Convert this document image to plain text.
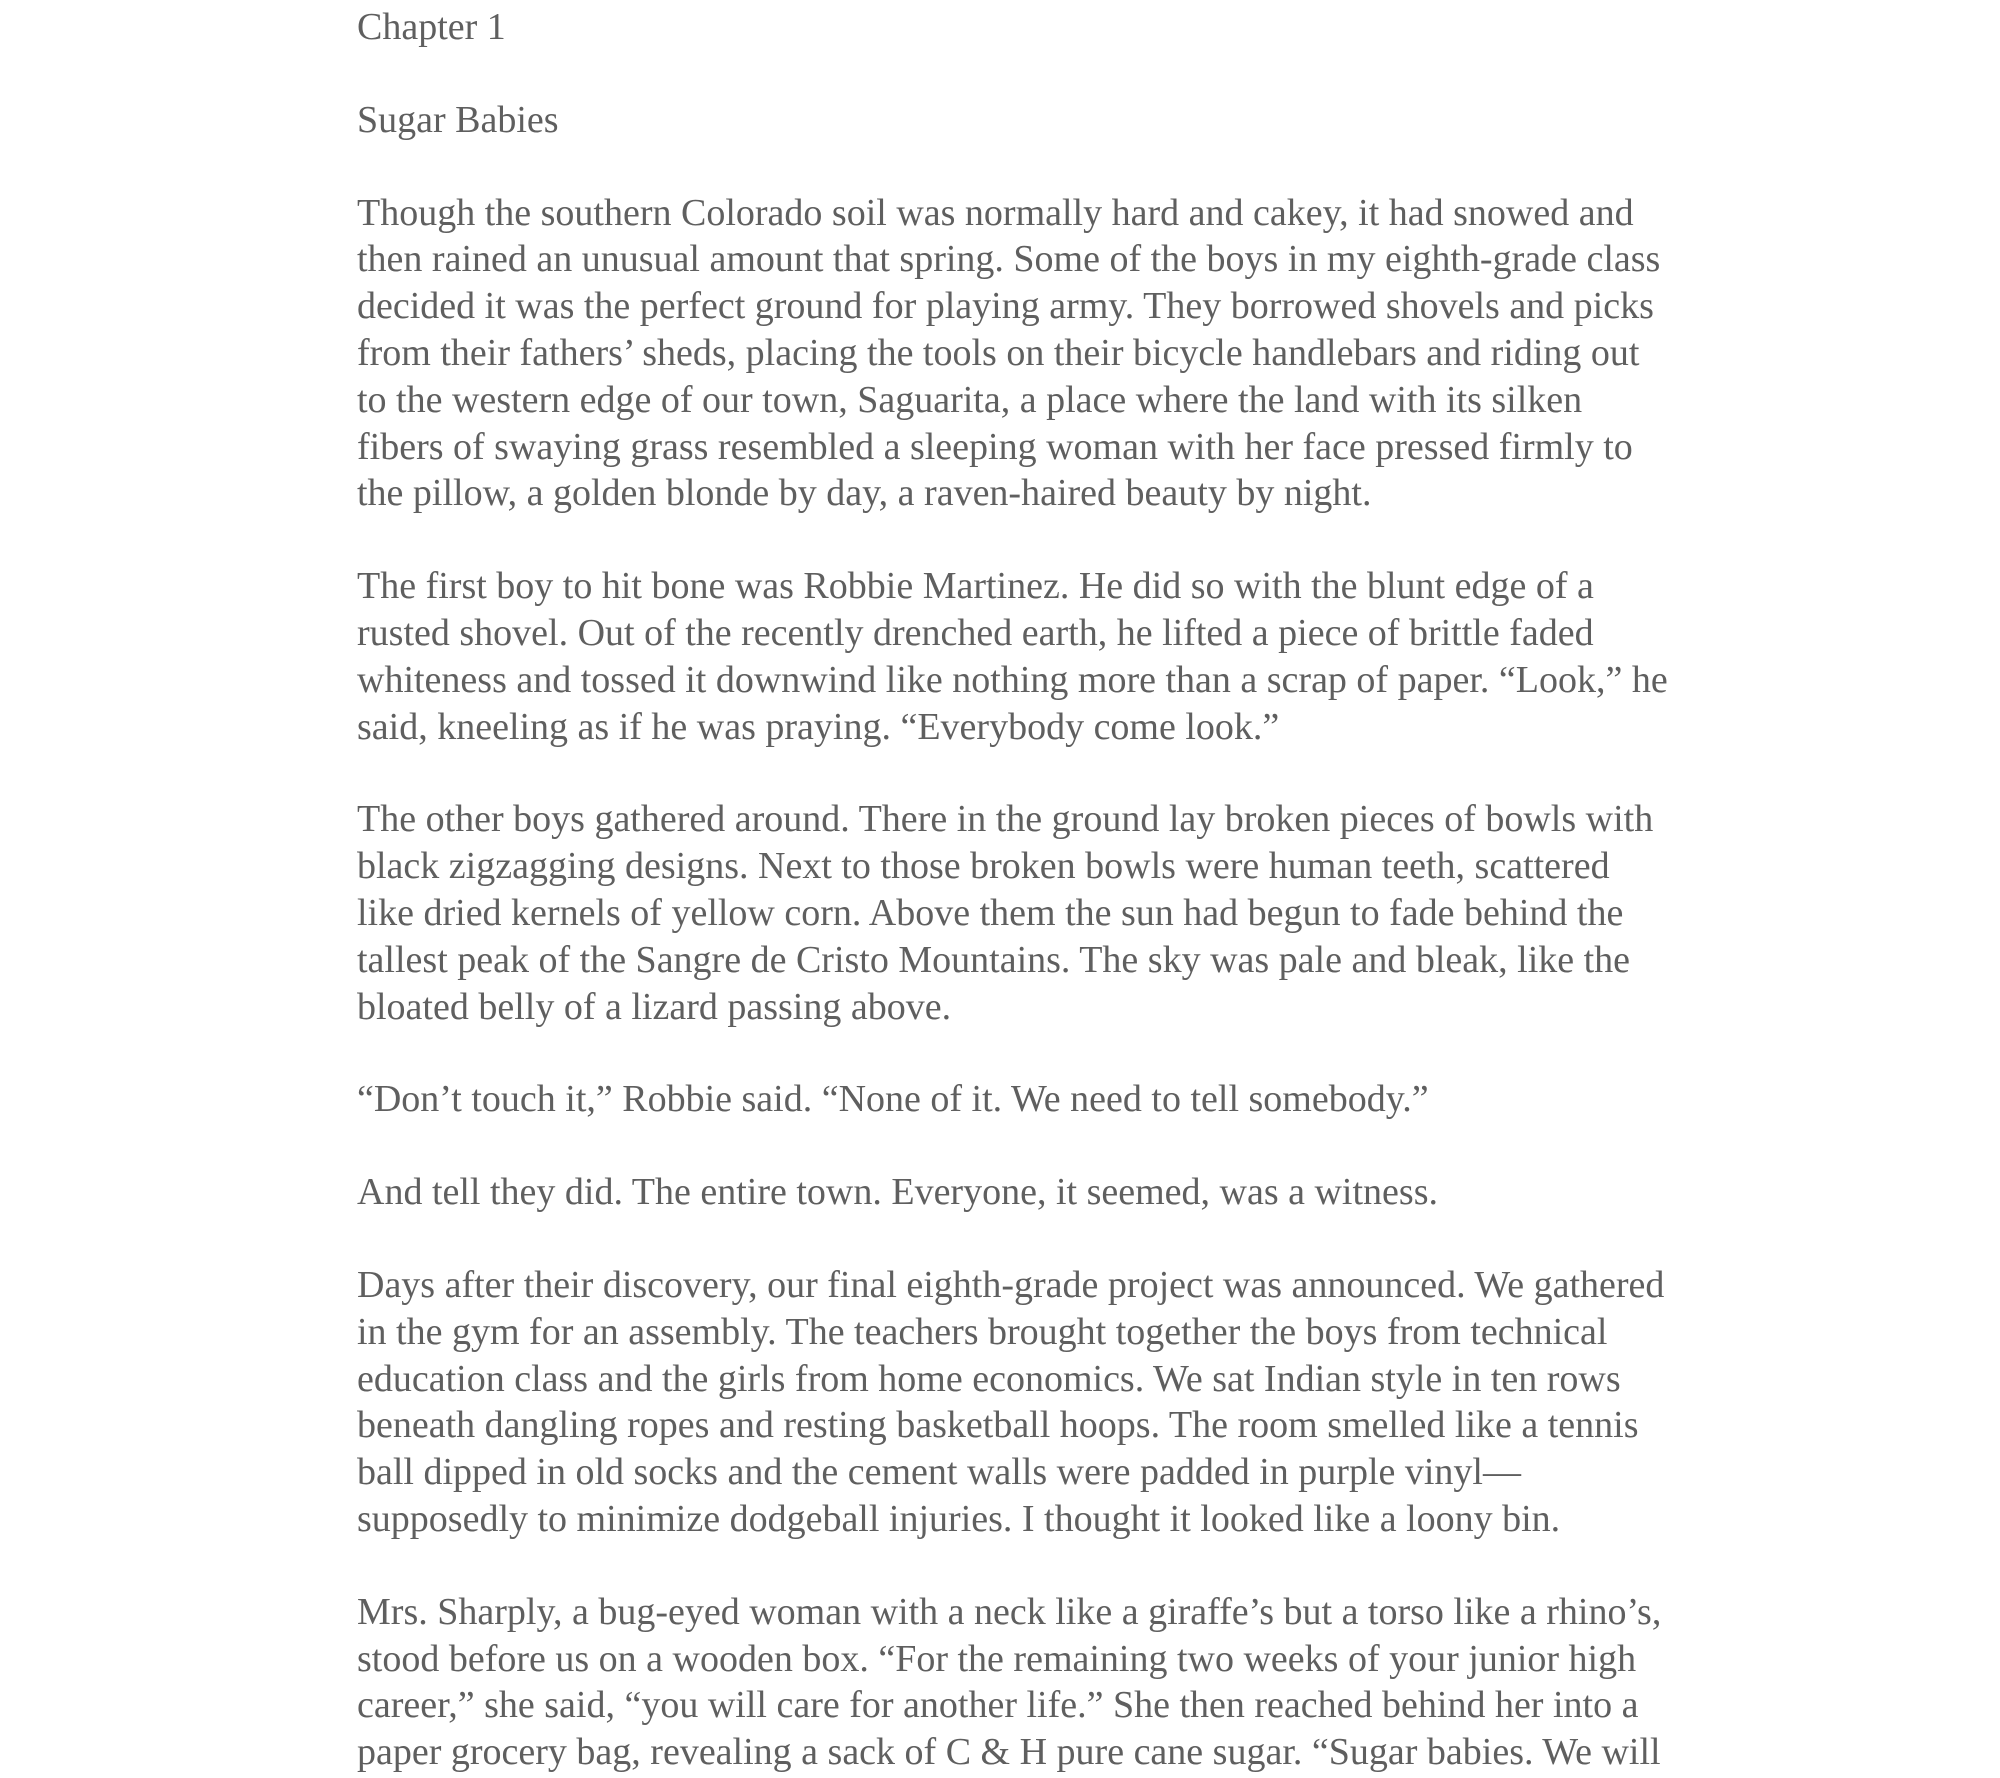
Chapter 1
Sugar Babies
Though the southern Colorado soil was normally hard and cakey, it had snowed and
then rained an unusual amount that spring. Some of the boys in my eighth-grade class
decided it was the perfect ground for playing army. They borrowed shovels and picks
from their fathers’ sheds, placing the tools on their bicycle handlebars and riding out
to the western edge of our town, Saguarita, a place where the land with its silken
fibers of swaying grass resembled a sleeping woman with her face pressed firmly to
the pillow, a golden blonde by day, a raven-haired beauty by night.
The first boy to hit bone was Robbie Martinez. He did so with the blunt edge of a
rusted shovel. Out of the recently drenched earth, he lifted a piece of brittle faded
whiteness and tossed it downwind like nothing more than a scrap of paper. “Look,” he
said, kneeling as if he was praying. “Everybody come look.”
The other boys gathered around. There in the ground lay broken pieces of bowls with
black zigzagging designs. Next to those broken bowls were human teeth, scattered
like dried kernels of yellow corn. Above them the sun had begun to fade behind the
tallest peak of the Sangre de Cristo Mountains. The sky was pale and bleak, like the
bloated belly of a lizard passing above.
“Don’t touch it,” Robbie said. “None of it. We need to tell somebody.”
And tell they did. The entire town. Everyone, it seemed, was a witness.
Days after their discovery, our final eighth-grade project was announced. We gathered
in the gym for an assembly. The teachers brought together the boys from technical
education class and the girls from home economics. We sat Indian style in ten rows
beneath dangling ropes and resting basketball hoops. The room smelled like a tennis
ball dipped in old socks and the cement walls were padded in purple vinyl—
supposedly to minimize dodgeball injuries. I thought it looked like a loony bin.
Mrs. Sharply, a bug-eyed woman with a neck like a giraffe’s but a torso like a rhino’s,
stood before us on a wooden box. “For the remaining two weeks of your junior high
career,” she said, “you will care for another life.” She then reached behind her into a
paper grocery bag, revealing a sack of C & H pure cane sugar. “Sugar babies. We will
